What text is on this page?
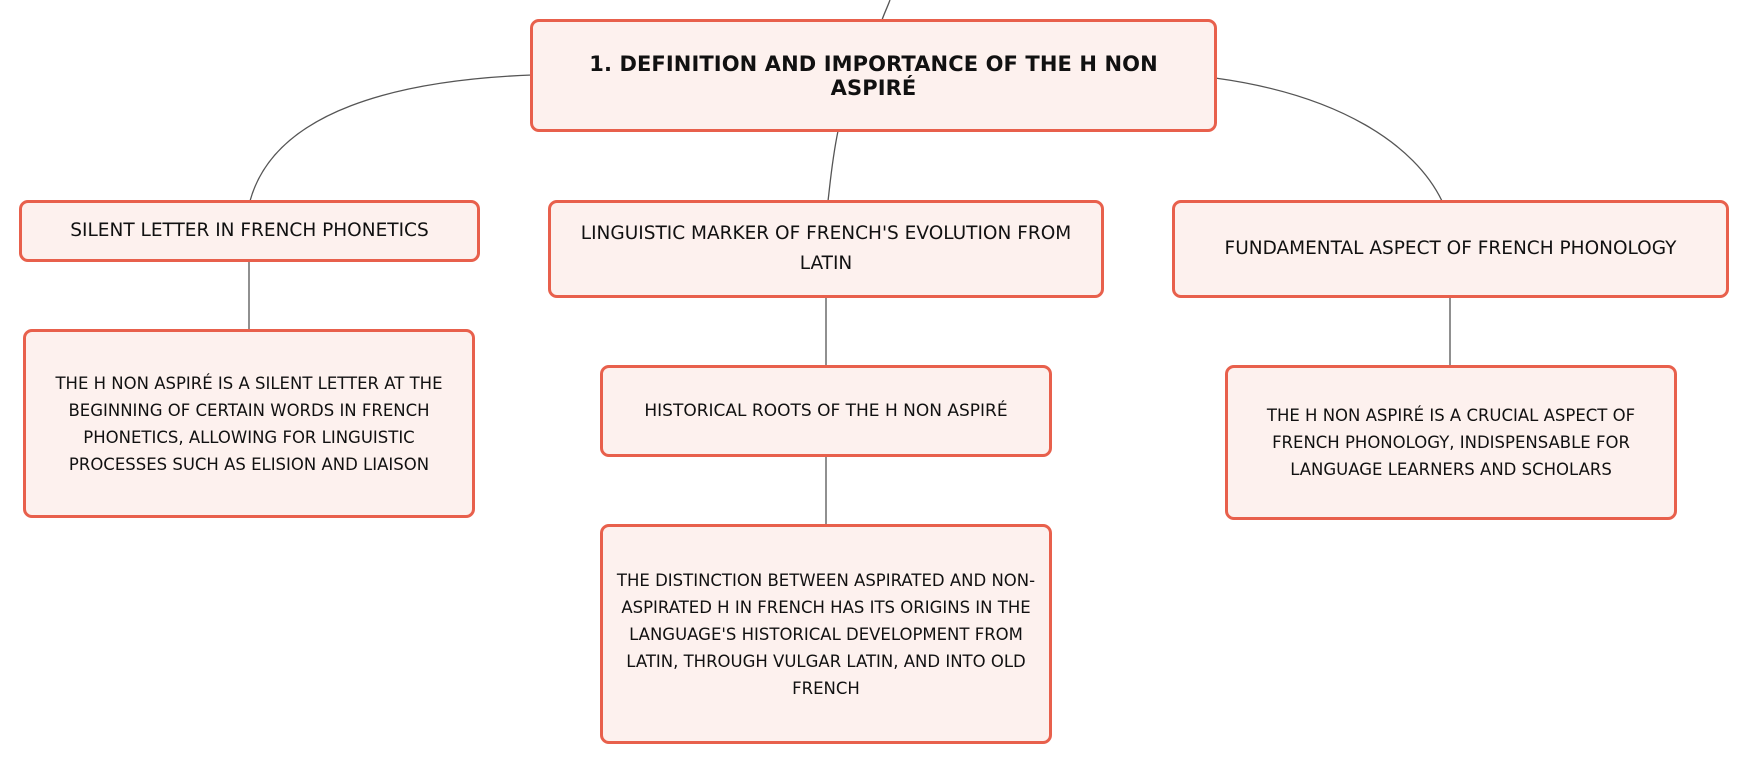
1. DEFINITION AND IMPORTANCE OF THE H NON ASPIRÉ
SILENT LETTER IN FRENCH PHONETICS	LINGUISTIC MARKER OF FRENCH'S EVOLUTION FROM LATIN
FUNDAMENTAL ASPECT OF FRENCH PHONOLOGY
THE H NON ASPIRÉ IS A SILENT LETTER AT THE BEGINNING OF CERTAIN WORDS IN FRENCH PHONETICS, ALLOWING FOR LINGUISTIC PROCESSES SUCH AS ELISION AND LIAISON
HISTORICAL ROOTS OF THE H NON ASPIRÉ
THE DISTINCTION BETWEEN ASPIRATED AND NON-ASPIRATED H IN FRENCH HAS ITS ORIGINS IN THE LANGUAGE'S HISTORICAL DEVELOPMENT FROM LATIN, THROUGH VULGAR LATIN, AND INTO OLD FRENCH
THE H NON ASPIRÉ IS A CRUCIAL ASPECT OF FRENCH PHONOLOGY, INDISPENSABLE FOR LANGUAGE LEARNERS AND SCHOLARS
